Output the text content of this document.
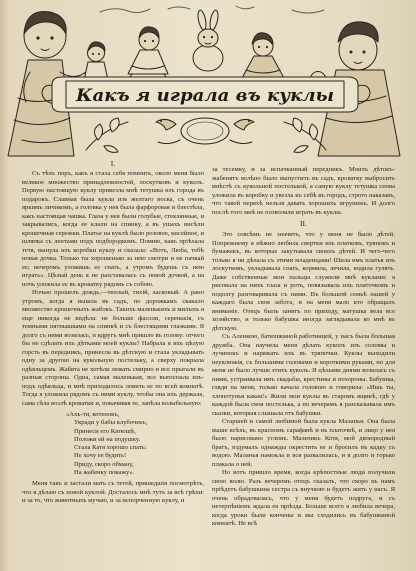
Какъ я играла въ куклы
I.

Съ тѣхъ поръ, какъ я стала себя помнить, около меня было великое множество принадлежностей, лоскутковъ и куколъ. Первую настоящую куклу привезла мнѣ тетушка изъ города въ подарокъ. Славная была кукла изъ желтаго воска, съ очень яркимъ личикомъ, а головка у нея была фарфоровая и блестѣла, какъ настоящая чашка. Глаза у нея были голубые, стеклянные, и закрывались, когда ее клали на спинку, а въ ушахъ висѣли крошечныя сережки. Платье на куклѣ было розовое, кисейное, и шляпка съ лентами подъ подбородкомъ. Помню, какъ пріѣхала тетя, вынула изъ коробки куклу и сказала: «Вотъ, Люба, тебѣ новая дочка. Только ты хорошенько за нею смотри и не пачкай ее; вечеромъ уложишь ее спать, а утромъ будешь съ нею играть». Цѣлый день я не разставалась съ новой дочкой, а на ночь уложила ее въ кроватку рядомъ съ собою.

Ночью прошелъ дождь,—теплый, тихій, ласковый. А рано утромъ, когда я вышла въ садъ, по дорожкамъ скакало множество крошечныхъ жабокъ. Такихъ маленькихъ и милыхъ я еще никогда не видѣла: не больше фасоли, серенькія, съ темными пятнышками на спинкѣ и съ блестящими глазками. Я долго съ ними возилась, и вдругъ мнѣ пришло въ голову: отчего бы не сдѣлать ихъ дѣтками моей куклы? Набрала я ихъ цѣлую горсть въ передникъ, принесла въ дѣтскую и стала укладывать одну за другою на кукольную постельку, а сверху покрыла одѣяльцемъ. Жабята не хотѣли лежать смирно и все прыгали въ разныя стороны. Одна, самая маленькая, все выползала изъ-подъ одѣяльца, и мнѣ приходилось ловить ее по всей комнатѣ. Тогда я уложила рядомъ съ ними куклу, чтобы она ихъ держала, сама сѣла возлѣ кроватки и, покачивая ее, запѣла колыбельную:

«Ахъ-ти, котенокъ,
Укради у бабы клубочекъ,
Принеси его Катюшѣ,
Положи ей на подушку.
Стала Катя хорошо спать:
Не хочу ее будить!
Приду, скоро обману,
На жабенку покажу».

Меня такъ и застали мать съ тетей, пришедшія посмотрѣть, что я дѣлаю съ новой куклой. Досталось мнѣ тутъ за всѣ грѣхи: и за то, что животныхъ мучаю, и за испорченную куклу, и

за тесемку, и за испачканный передникъ. Моихъ дѣтокъ-жабенятъ велѣно было выпустить въ садъ, кроватку выбросить вмѣстѣ съ кукольной постелькой, а самую куклу тетушка снова уложила въ коробку и увезла къ себѣ въ городъ, строго наказавъ, что такой неряхѣ нельзя давать хорошихъ игрушекъ. И долго послѣ того мнѣ не позволяли играть въ куклы.

II.

Это совсѣмъ не значитъ, что у меня не было дѣтей. Попрежнему я нѣжно любила свертки изъ платковъ, тряпокъ и бумажекъ, въ которые закутывала своихъ дѣтей. И чего-чего только я ни дѣлала съ этими младенцами! Шила имъ платья изъ лоскутковъ, укладывала спать, кормила, лечила, водила гулять. Даже собственные мои пальцы служили мнѣ куклами: я рисовала на нихъ глаза и ротъ, повязывала ихъ платочкомъ и подолгу разговаривала съ ними. Въ большой семьѣ нашей у каждаго была своя забота, и на меня мало кто обращалъ вниманіе. Отецъ былъ занятъ по приходу, матушка вела все хозяйство, и только бабушка иногда заглядывала ко мнѣ въ дѣтскую.

Съ Аленкою, батюшкиной работницей, у насъ была большая дружба. Она научила меня дѣлать куколъ изъ соломы и лучинокъ и наряжать ихъ въ тряпочки. Куклы выходили неуклюжія, съ большими головами и короткими руками, но для меня не было лучше этихъ куколъ. Я цѣлыми днями возилась съ ними, устраивала имъ свадьбы, крестины и похороны. Бабушка, глядя на меня, только качала головою и говорила: «Ишь ты, хлопотунья какая!» Жили мои куклы въ старомъ ящикѣ, гдѣ у каждой была своя постелька, а по вечерамъ я разсказывала имъ сказки, которыя слышала отъ бабушки.

Старшей и самой любимой была кукла Маланья. Она была выше всѣхъ, въ красномъ сарафанѣ и въ платочкѣ, и лицо у нея было нарисовано углемъ. Мальчикъ Котя, мой двоюродный братъ, вздумалъ однажды окрестить ее и бросилъ въ кадку съ водою. Маланья намокла и вся развалилась, и я долго и горько плакала о ней.

Но вотъ пришло время, когда крѣпостные люди получили свою волю. Разъ вечеромъ отецъ сказалъ, что скоро къ намъ пріѣдетъ бабушкина сестра съ внучкою и будетъ жить у насъ. Я очень обрадовалась, что у меня будетъ подруга, и съ нетерпѣніемъ ждала ея пріѣзда. Больше всего я любила вечера, когда уроки были кончены и мы сходились въ бабушкиной комнатѣ. Не всѣ
